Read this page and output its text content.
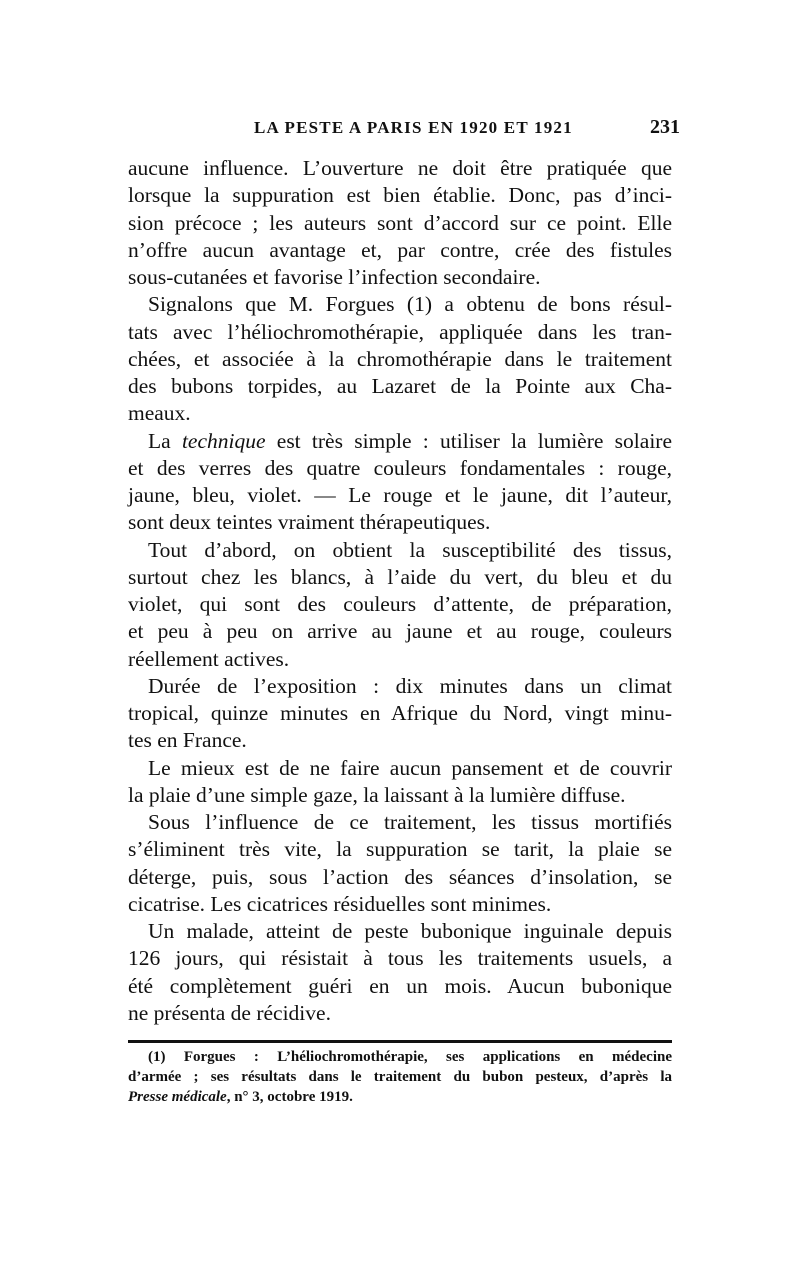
LA PESTE A PARIS EN 1920 ET 1921	231
aucune influence. L’ouverture ne doit être pratiquée que
lorsque la suppuration est bien établie. Donc, pas d’inci-
sion précoce ; les auteurs sont d’accord sur ce point. Elle
n’offre aucun avantage et, par contre, crée des fistules
sous-cutanées et favorise l’infection secondaire.
Signalons que M. Forgues (1) a obtenu de bons résul-
tats avec l’héliochromothérapie, appliquée dans les tran-
chées, et associée à la chromothérapie dans le traitement
des bubons torpides, au Lazaret de la Pointe aux Cha-
meaux.
La technique est très simple : utiliser la lumière solaire
et des verres des quatre couleurs fondamentales : rouge,
jaune, bleu, violet. — Le rouge et le jaune, dit l’auteur,
sont deux teintes vraiment thérapeutiques.
Tout d’abord, on obtient la susceptibilité des tissus,
surtout chez les blancs, à l’aide du vert, du bleu et du
violet, qui sont des couleurs d’attente, de préparation,
et peu à peu on arrive au jaune et au rouge, couleurs
réellement actives.
Durée de l’exposition : dix minutes dans un climat
tropical, quinze minutes en Afrique du Nord, vingt minu-
tes en France.
Le mieux est de ne faire aucun pansement et de couvrir
la plaie d’une simple gaze, la laissant à la lumière diffuse.
Sous l’influence de ce traitement, les tissus mortifiés
s’éliminent très vite, la suppuration se tarit, la plaie se
déterge, puis, sous l’action des séances d’insolation, se
cicatrise. Les cicatrices résiduelles sont minimes.
Un malade, atteint de peste bubonique inguinale depuis
126 jours, qui résistait à tous les traitements usuels, a
été complètement guéri en un mois. Aucun bubonique
ne présenta de récidive.
(1) Forgues : L’héliochromothérapie, ses applications en médecine
d’armée ; ses résultats dans le traitement du bubon pesteux, d’après la
Presse médicale, n° 3, octobre 1919.
